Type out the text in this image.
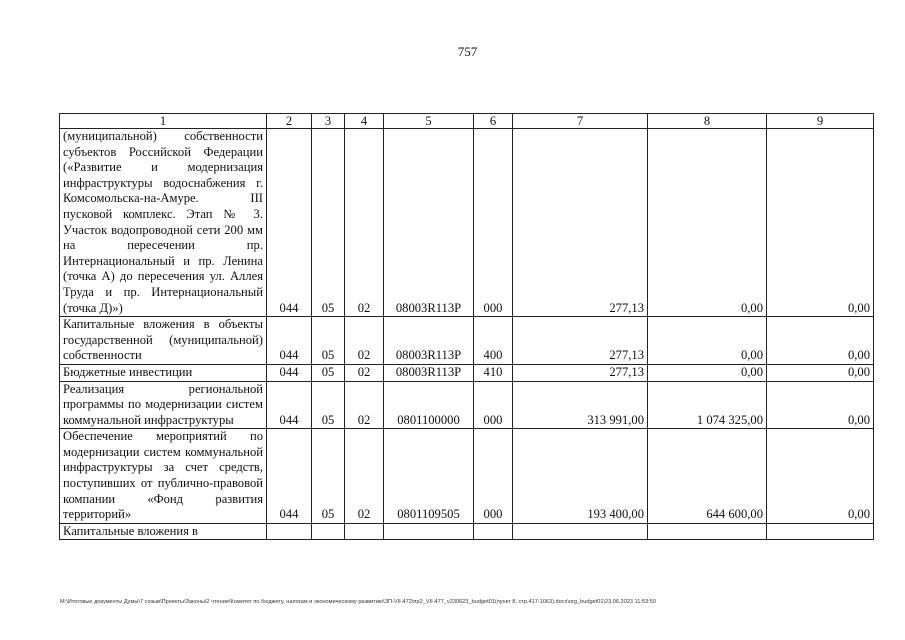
757
1	2	3	4	5	6	7	8	9
(муниципальной) собственности субъектов Российской Федерации («Развитие и модернизация инфраструктуры водоснабжения г. Комсомольска-на-Амуре. III пусковой комплекс. Этап № 3. Участок водопроводной сети 200 мм на пересечении пр. Интернациональный и пр. Ленина (точка А) до пересечения ул. Аллея Труда и пр. Интернациональный (точка Д)»)	044	05	02	08003R113P	000	277,13	0,00	0,00
Капитальные вложения в объекты государственной (муниципальной) собственности	044	05	02	08003R113P	400	277,13	0,00	0,00
Бюджетные инвестиции	044	05	02	08003R113P	410	277,13	0,00	0,00
Реализация региональной программы по модернизации систем коммунальной инфраструктуры	044	05	02	0801100000	000	313 991,00	1 074 325,00	0,00
Обеспечение мероприятий по модернизации систем коммунальной инфраструктуры за счет средств, поступивших от публично-правовой компании «Фонд развития территорий»	044	05	02	0801109505	000	193 400,00	644 600,00	0,00
Капитальные вложения в								
M:\Итоговые документы Думы\7 созыв\Проекты\Законы\2 чтение\Комитет по бюджету, налогам и экономическому развитию\ЗП-VII-472\пр2_VII-477_v230623_budget01(пункт 8, стр.417-1063).docx\org_budget01\23.06.2023 11:53:50
